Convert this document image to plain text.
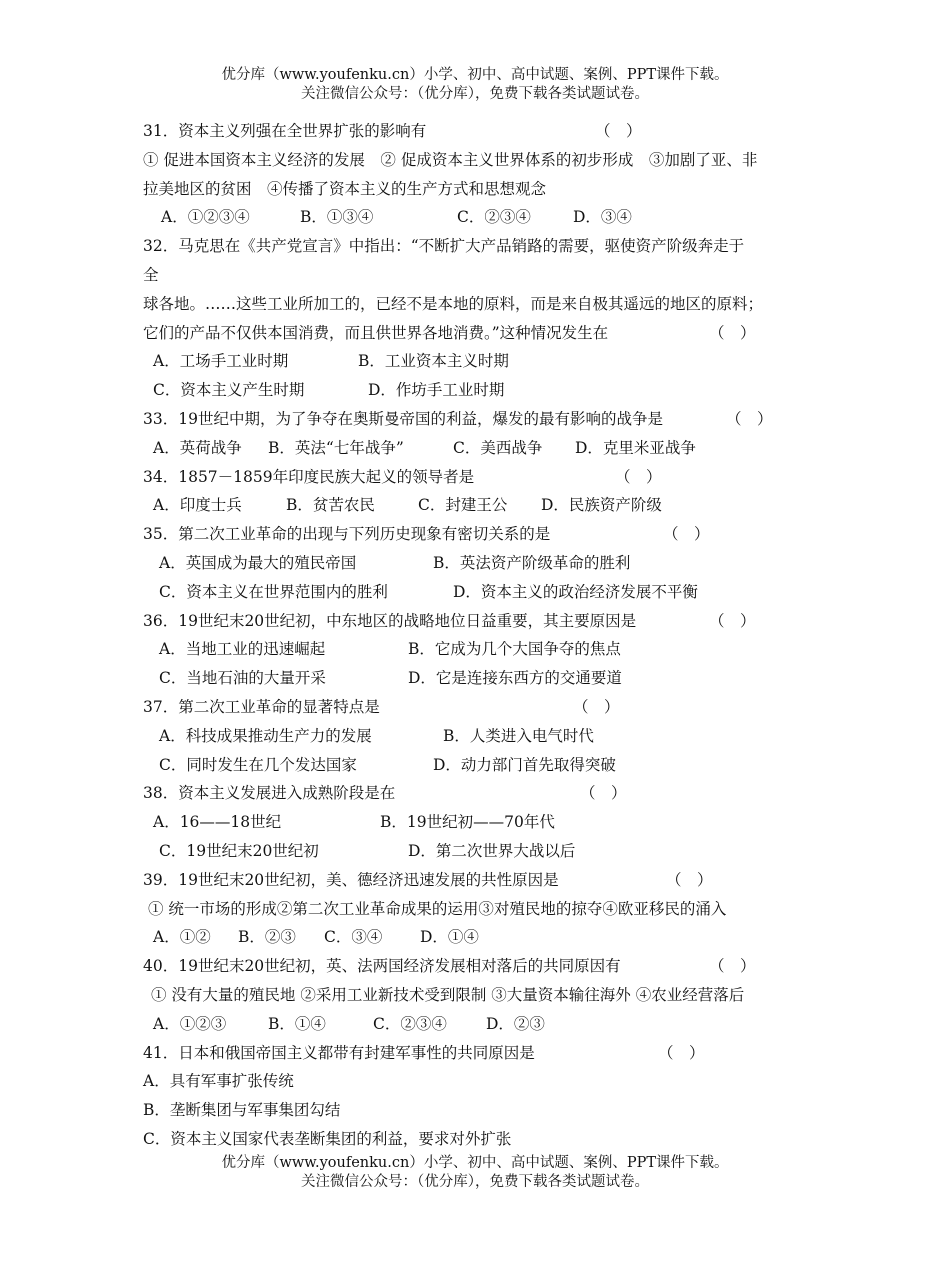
优分库（www.youfenku.cn）小学、初中、高中试题、案例、PPT课件下载。
关注微信公众号：（优分库），免费下载各类试题试卷。
31．资本主义列强在全世界扩张的影响有	（　）
① 促进本国资本主义经济的发展　② 促成资本主义世界体系的初步形成　③加剧了亚、非
拉美地区的贫困　④传播了资本主义的生产方式和思想观念
A．①②③④	B．①③④	C．②③④	D．③④
32．马克思在《共产党宣言》中指出：“不断扩大产品销路的需要，驱使资产阶级奔走于
全
球各地。……这些工业所加工的，已经不是本地的原料，而是来自极其遥远的地区的原料；
它们的产品不仅供本国消费，而且供世界各地消费。”这种情况发生在	（　）
A．工场手工业时期	B．工业资本主义时期
C．资本主义产生时期	D．作坊手工业时期
33．19世纪中期，为了争夺在奥斯曼帝国的利益，爆发的最有影响的战争是	（　）
A．英荷战争 B．英法“七年战争”	C．美西战争 D．克里米亚战争
34．1857－1859年印度民族大起义的领导者是	（　）
A．印度士兵	B．贫苦农民	C．封建王公 D．民族资产阶级
35．第二次工业革命的出现与下列历史现象有密切关系的是	（　）
A．英国成为最大的殖民帝国	B．英法资产阶级革命的胜利
C．资本主义在世界范围内的胜利	D．资本主义的政治经济发展不平衡
36．19世纪末20世纪初，中东地区的战略地位日益重要，其主要原因是	（　）
A．当地工业的迅速崛起	B．它成为几个大国争夺的焦点
C．当地石油的大量开采	D．它是连接东西方的交通要道
37．第二次工业革命的显著特点是	（　）
A．科技成果推动生产力的发展	B．人类进入电气时代
C．同时发生在几个发达国家	D．动力部门首先取得突破
38．资本主义发展进入成熟阶段是在	（　）
A．16——18世纪	B．19世纪初——70年代
C．19世纪末20世纪初	D．第二次世界大战以后
39．19世纪末20世纪初，美、德经济迅速发展的共性原因是	（　）
① 统一市场的形成②第二次工业革命成果的运用③对殖民地的掠夺④欧亚移民的涌入
A．①② B．②③ C．③④ D．①④
40．19世纪末20世纪初，英、法两国经济发展相对落后的共同原因有	（　）
① 没有大量的殖民地 ②采用工业新技术受到限制 ③大量资本输往海外 ④农业经营落后
A．①②③	B．①④	C．②③④	D．②③
41．日本和俄国帝国主义都带有封建军事性的共同原因是	（　）
A．具有军事扩张传统
B．垄断集团与军事集团勾结
C．资本主义国家代表垄断集团的利益，要求对外扩张
优分库（www.youfenku.cn）小学、初中、高中试题、案例、PPT课件下载。
关注微信公众号：（优分库），免费下载各类试题试卷。
